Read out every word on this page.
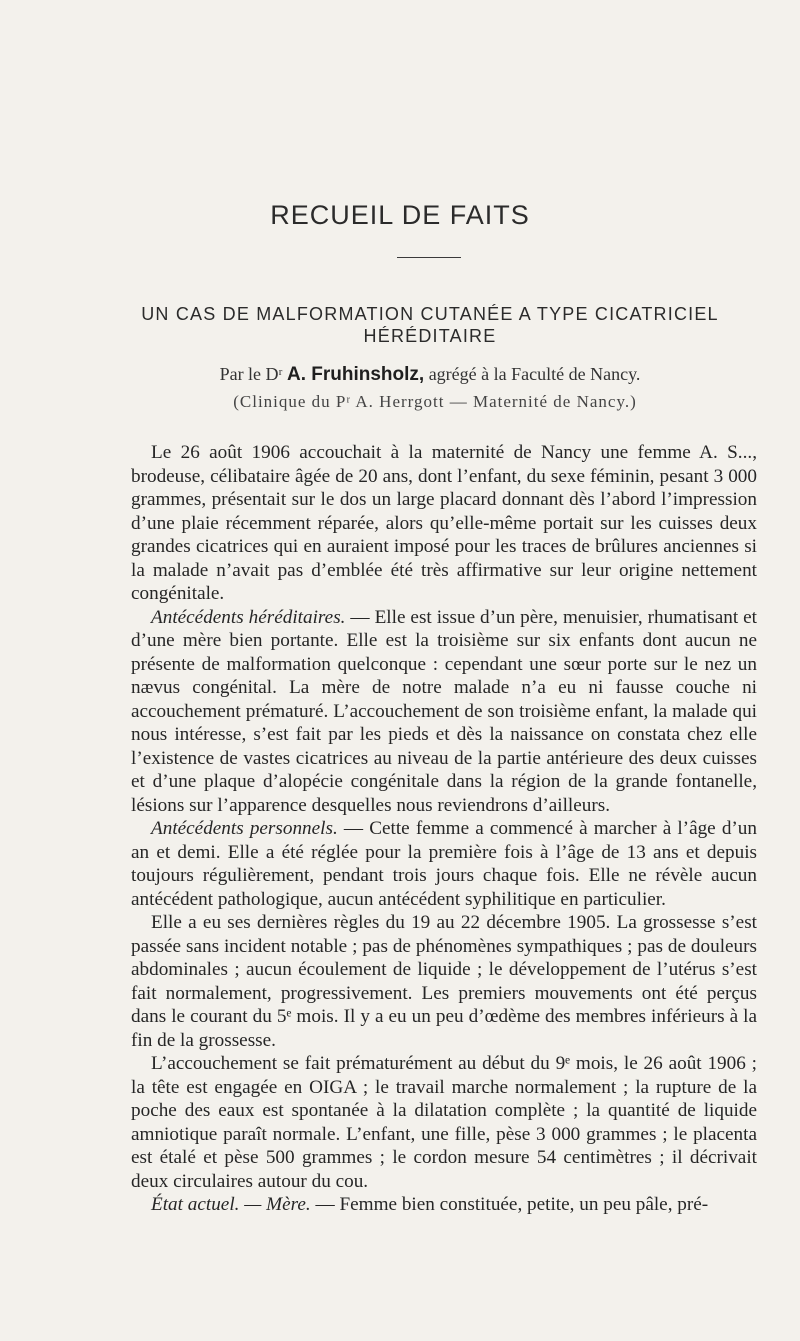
RECUEIL DE FAITS
UN CAS DE MALFORMATION CUTANÉE A TYPE CICATRICIEL HÉRÉDITAIRE
Par le Dʳ A. Fruhinsholz, agrégé à la Faculté de Nancy.
(Clinique du Pʳ A. Herrgott — Maternité de Nancy.)

Le 26 août 1906 accouchait à la maternité de Nancy une femme A. S..., brodeuse, célibataire âgée de 20 ans, dont l’enfant, du sexe féminin, pesant 3 000 grammes, présentait sur le dos un large placard donnant dès l’abord l’impression d’une plaie récemment réparée, alors qu’elle-même portait sur les cuisses deux grandes cicatrices qui en auraient imposé pour les traces de brûlures anciennes si la malade n’avait pas d’emblée été très affirmative sur leur origine nettement congénitale.

Antécédents héréditaires. — Elle est issue d’un père, menuisier, rhumatisant et d’une mère bien portante. Elle est la troisième sur six enfants dont aucun ne présente de malformation quelconque : cependant une sœur porte sur le nez un nævus congénital. La mère de notre malade n’a eu ni fausse couche ni accouchement prématuré. L’accouchement de son troisième enfant, la malade qui nous intéresse, s’est fait par les pieds et dès la naissance on constata chez elle l’existence de vastes cicatrices au niveau de la partie antérieure des deux cuisses et d’une plaque d’alopécie congénitale dans la région de la grande fontanelle, lésions sur l’apparence desquelles nous reviendrons d’ailleurs.

Antécédents personnels. — Cette femme a commencé à marcher à l’âge d’un an et demi. Elle a été réglée pour la première fois à l’âge de 13 ans et depuis toujours régulièrement, pendant trois jours chaque fois. Elle ne révèle aucun antécédent pathologique, aucun antécédent syphilitique en particulier.

Elle a eu ses dernières règles du 19 au 22 décembre 1905. La grossesse s’est passée sans incident notable ; pas de phénomènes sympathiques ; pas de douleurs abdominales ; aucun écoulement de liquide ; le développement de l’utérus s’est fait normalement, progressivement. Les premiers mouvements ont été perçus dans le courant du 5ᵉ mois. Il y a eu un peu d’œdème des membres inférieurs à la fin de la grossesse.

L’accouchement se fait prématurément au début du 9ᵉ mois, le 26 août 1906 ; la tête est engagée en OIGA ; le travail marche normalement ; la rupture de la poche des eaux est spontanée à la dilatation complète ; la quantité de liquide amniotique paraît normale. L’enfant, une fille, pèse 3 000 grammes ; le placenta est étalé et pèse 500 grammes ; le cordon mesure 54 centimètres ; il décrivait deux circulaires autour du cou.

État actuel. — Mère. — Femme bien constituée, petite, un peu pâle, pré-
